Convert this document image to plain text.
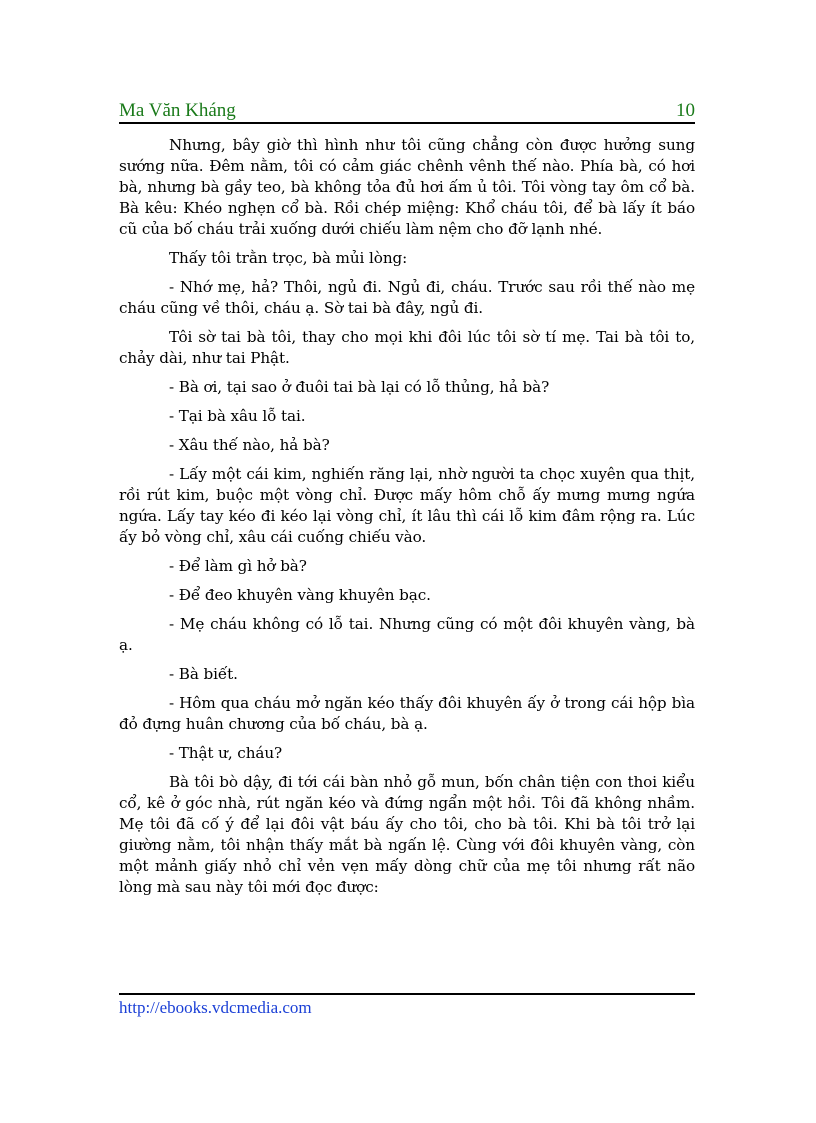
Ma Văn Kháng	10

Nhưng, bây giờ thì hình như tôi cũng chẳng còn được hưởng sung sướng nữa. Đêm nằm, tôi có cảm giác chênh vênh thế nào. Phía bà, có hơi bà, nhưng bà gầy teo, bà không tỏa đủ hơi ấm ủ tôi. Tôi vòng tay ôm cổ bà. Bà kêu: Khéo nghẹn cổ bà. Rồi chép miệng: Khổ cháu tôi, để bà lấy ít báo cũ của bố cháu trải xuống dưới chiếu làm nệm cho đỡ lạnh nhé.

Thấy tôi trằn trọc, bà mủi lòng:

- Nhớ mẹ, hả? Thôi, ngủ đi. Ngủ đi, cháu. Trước sau rồi thế nào mẹ cháu cũng về thôi, cháu ạ. Sờ tai bà đây, ngủ đi.

Tôi sờ tai bà tôi, thay cho mọi khi đôi lúc tôi sờ tí mẹ. Tai bà tôi to, chảy dài, như tai Phật.

- Bà ơi, tại sao ở đuôi tai bà lại có lỗ thủng, hả bà?

- Tại bà xâu lỗ tai.

- Xâu thế nào, hả bà?

- Lấy một cái kim, nghiến răng lại, nhờ người ta chọc xuyên qua thịt, rồi rút kim, buộc một vòng chỉ. Được mấy hôm chỗ ấy mưng mưng ngứa ngứa. Lấy tay kéo đi kéo lại vòng chỉ, ít lâu thì cái lỗ kim đâm rộng ra. Lúc ấy bỏ vòng chỉ, xâu cái cuống chiếu vào.

- Để làm gì hở bà?

- Để đeo khuyên vàng khuyên bạc.

- Mẹ cháu không có lỗ tai. Nhưng cũng có một đôi khuyên vàng, bà ạ.

- Bà biết.

- Hôm qua cháu mở ngăn kéo thấy đôi khuyên ấy ở trong cái hộp bìa đỏ đựng huân chương của bố cháu, bà ạ.

- Thật ư, cháu?

Bà tôi bò dậy, đi tới cái bàn nhỏ gỗ mun, bốn chân tiện con thoi kiểu cổ, kê ở góc nhà, rút ngăn kéo và đứng ngẩn một hồi. Tôi đã không nhầm. Mẹ tôi đã cố ý để lại đôi vật báu ấy cho tôi, cho bà tôi. Khi bà tôi trở lại giường nằm, tôi nhận thấy mắt bà ngấn lệ. Cùng với đôi khuyên vàng, còn một mảnh giấy nhỏ chỉ vẻn vẹn mấy dòng chữ của mẹ tôi nhưng rất não lòng mà sau này tôi mới đọc được:

http://ebooks.vdcmedia.com
